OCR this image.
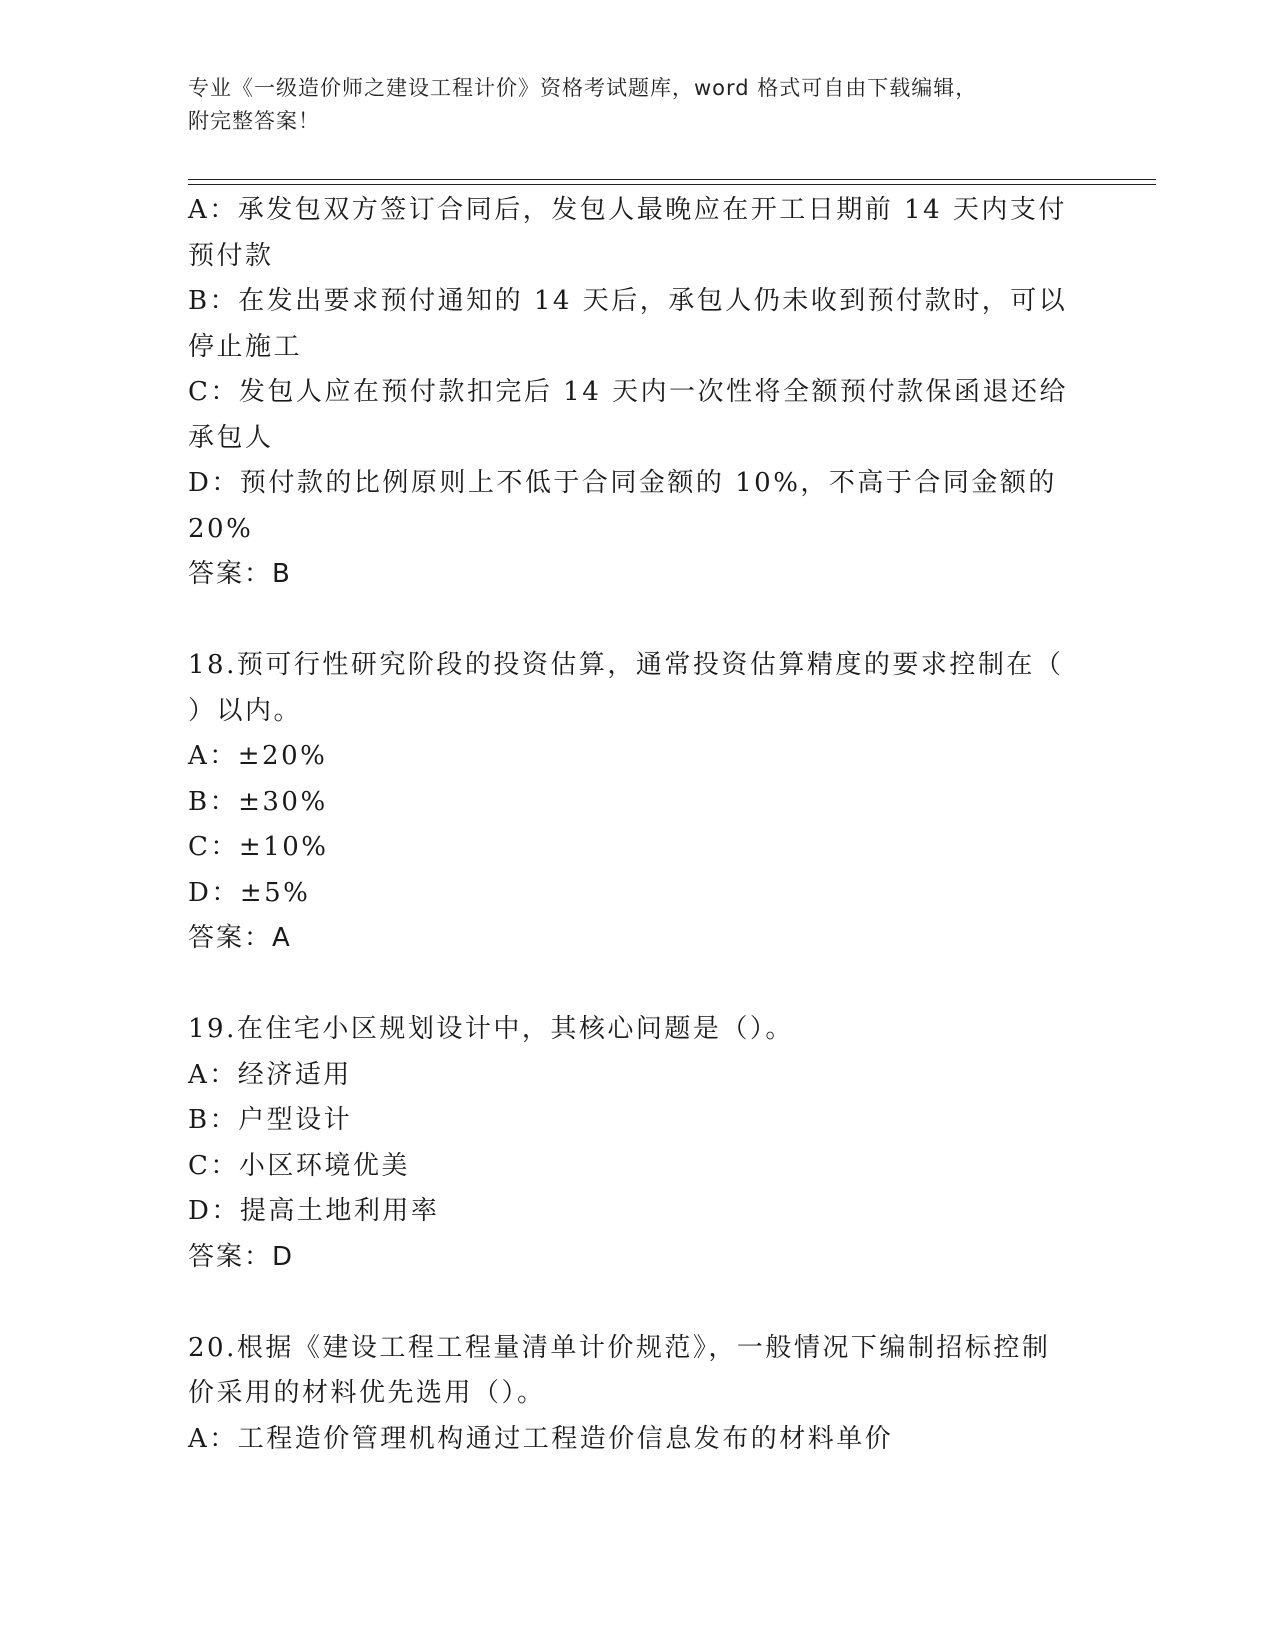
专业《一级造价师之建设工程计价》资格考试题库，word 格式可自由下载编辑，
附完整答案！
A：承发包双方签订合同后，发包人最晚应在开工日期前 14 天内支付
预付款
B：在发出要求预付通知的 14 天后，承包人仍未收到预付款时，可以
停止施工
C：发包人应在预付款扣完后 14 天内一次性将全额预付款保函退还给
承包人
D：预付款的比例原则上不低于合同金额的 10%，不高于合同金额的
20%
答案：B
18.预可行性研究阶段的投资估算，通常投资估算精度的要求控制在（
）以内。
A：±20%
B：±30%
C：±10%
D：±5%
答案：A
19.在住宅小区规划设计中，其核心问题是（）。
A：经济适用
B：户型设计
C：小区环境优美
D：提高土地利用率
答案：D
20.根据《建设工程工程量清单计价规范》，一般情况下编制招标控制
价采用的材料优先选用（）。
A：工程造价管理机构通过工程造价信息发布的材料单价
